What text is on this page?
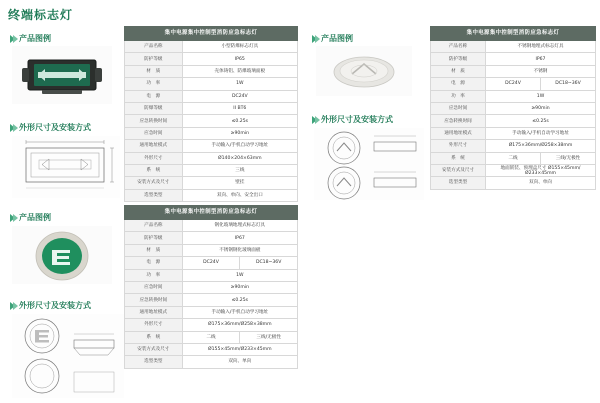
终端标志灯
产品图例
外形尺寸及安装方式
集中电源集中控制型消防应急标志灯	
产品名称	小型防爆标志灯具
防护等级	IP65
材　质	壳体铸铝、防爆玻璃面板
功　率	1W
电　源	DC24V
防爆等级	II BT6
应急转换时间	≤0.25s
应急时间	≥90min
通用地址模式	手动输入/手机自动学习地址
外形尺寸	Ø140×204×63mm
系　统	三线
安装方式及尺寸	壁挂
选型类型	双向、单向、安全出口
产品图例
外形尺寸及安装方式
集中电源集中控制型消防应急标志灯		
产品名称	不锈钢地埋式标志灯具	
防护等级	IP67	
材　质	不锈钢	
电　源	DC24V	DC18~36V
功　率	1W	
应急时间	≥90min	
应急转换时间	≤0.25s	
通用地址模式	手动输入/手机自动学习地址	
外形尺寸	Ø175×36mm/Ø258×38mm	
系　统	二线	三线/无极性
安装方式及尺寸	地面嵌装、预埋盒尺寸 Ø155×45mm/Ø233×45mm	
选型类型	双向、单向	
产品图例
外形尺寸及安装方式
集中电源集中控制型消防应急标志灯		
产品名称	钢化玻璃地埋式标志灯具	
防护等级	IP67	
材　质	不锈钢钢化玻璃面板	
电　源	DC24V	DC18~36V
功　率	1W	
应急时间	≥90min	
应急转换时间	≤0.25s	
通用地址模式	手动输入/手机自动学习地址	
外形尺寸	Ø175×36mm/Ø258×38mm	
系　统	二线	三线/无极性
安装方式及尺寸	Ø155×45mm/Ø233×45mm	
选型类型	双向、单向	
